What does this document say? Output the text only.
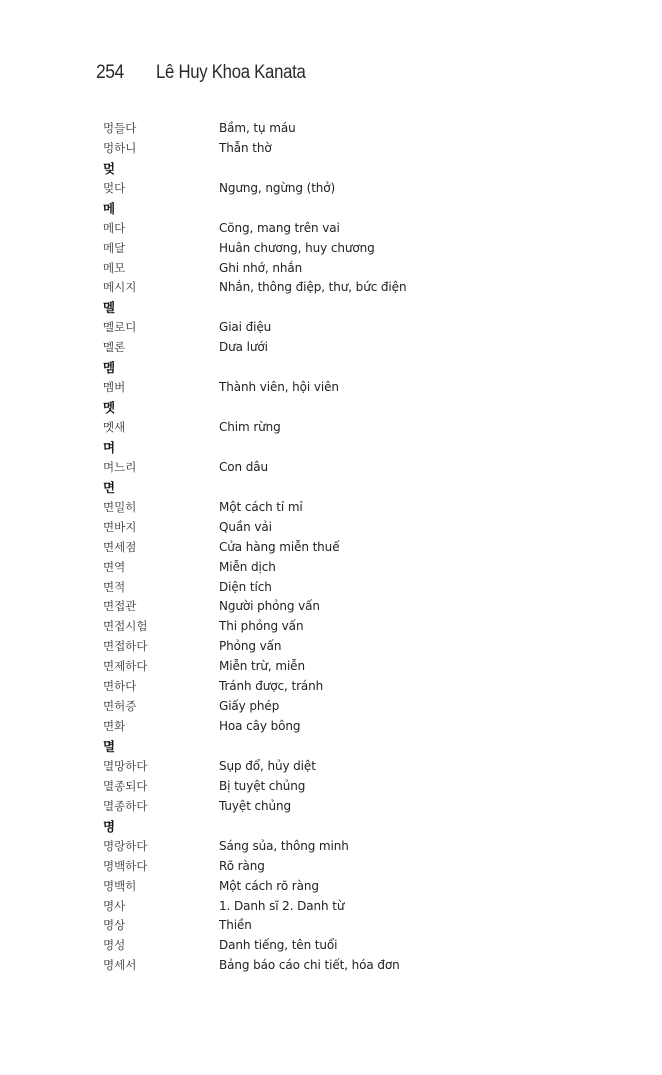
254	Lê Huy Khoa Kanata
멍들다	Bầm, tụ máu
멍하니	Thẫn thờ
멎
멎다	Ngưng, ngừng (thở)
메
메다	Cõng, mang trên vai
메달	Huân chương, huy chương
메모	Ghi nhớ, nhắn
메시지	Nhắn, thông điệp, thư, bức điện
멜
멜로디	Giai điệu
멜론	Dưa lưới
멤
멤버	Thành viên, hội viên
멧
멧새	Chim rừng
며
며느리	Con dâu
면
면밀히	Một cách tỉ mỉ
면바지	Quần vải
면세점	Cửa hàng miễn thuế
면역	Miễn dịch
면적	Diện tích
면접관	Người phỏng vấn
면접시험	Thi phỏng vấn
면접하다	Phỏng vấn
면제하다	Miễn trừ, miễn
면하다	Tránh được, tránh
면허증	Giấy phép
면화	Hoa cây bông
멸
멸망하다	Sụp đổ, hủy diệt
멸종되다	Bị tuyệt chủng
멸종하다	Tuyệt chủng
명
명랑하다	Sáng sủa, thông minh
명백하다	Rõ ràng
명백히	Một cách rõ ràng
명사	1. Danh sĩ 2. Danh từ
명상	Thiền
명성	Danh tiếng, tên tuổi
명세서	Bảng báo cáo chi tiết, hóa đơn
